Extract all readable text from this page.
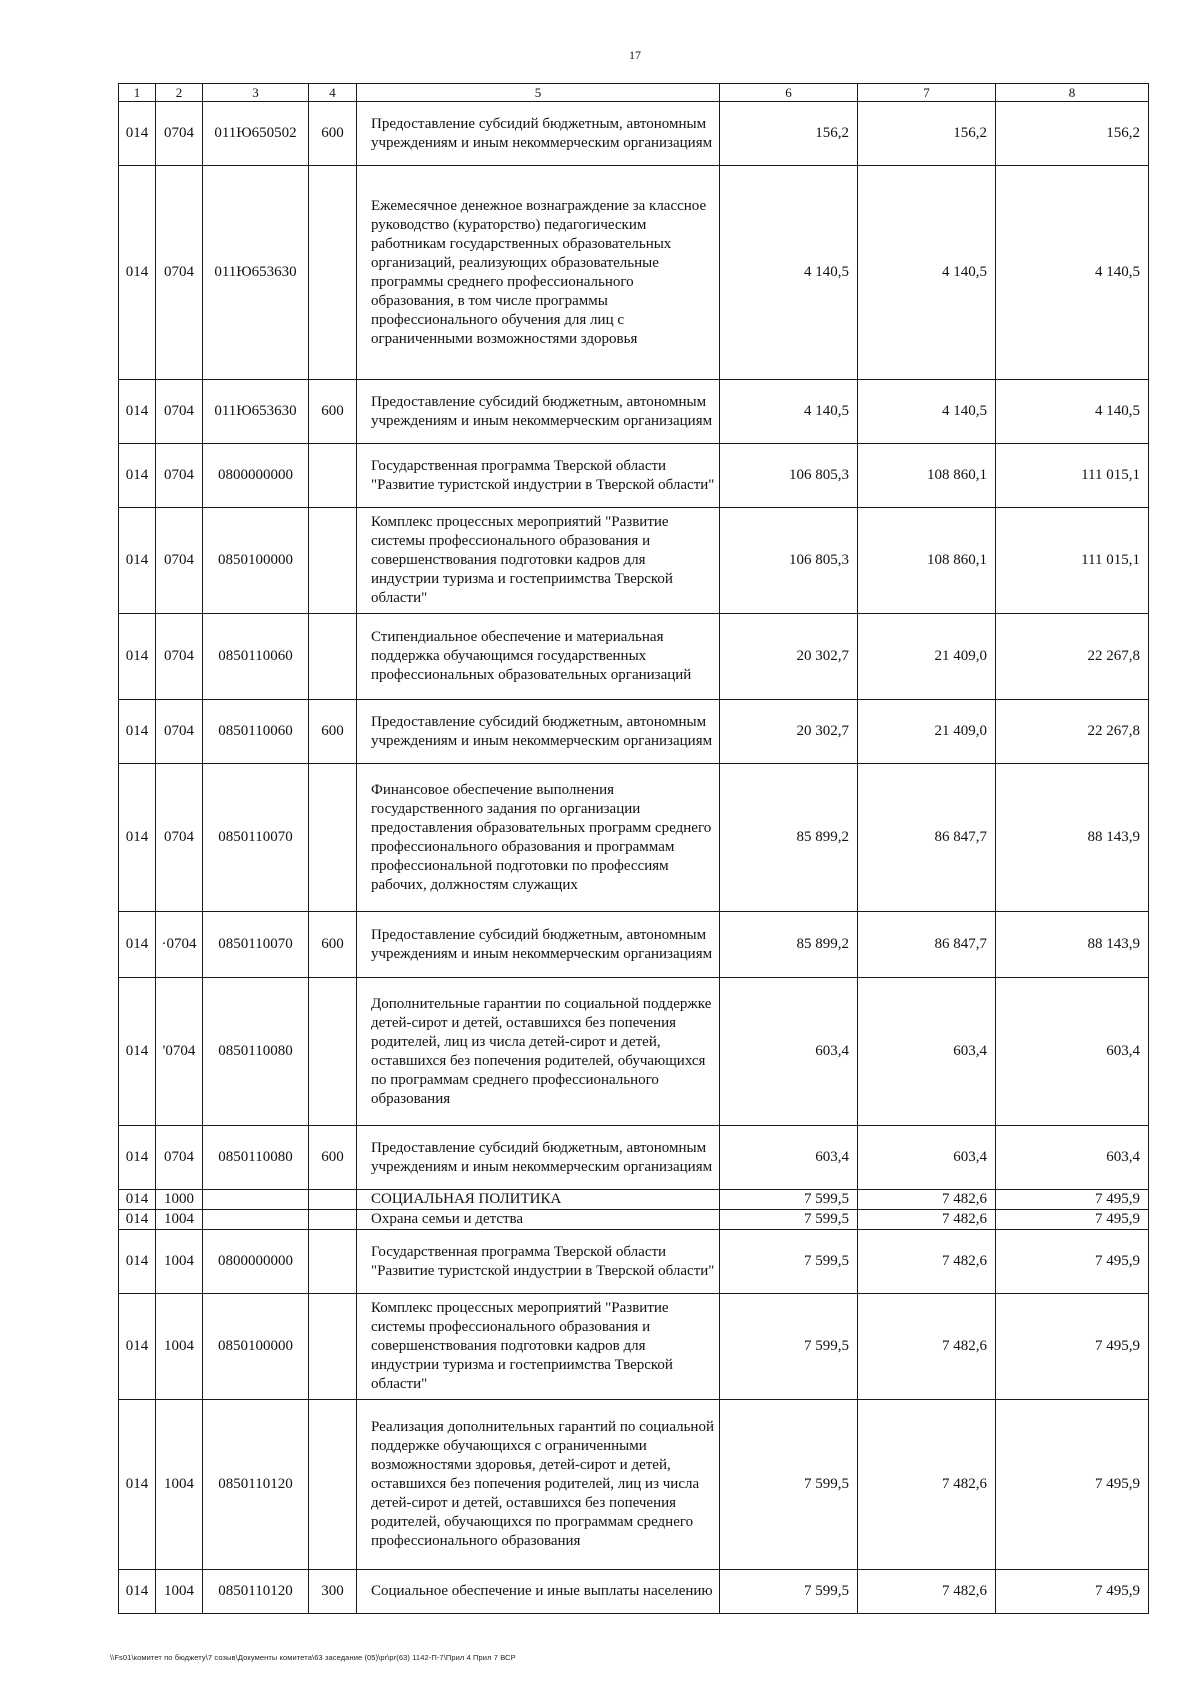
17
1	2	3	4	5	6	7	8
014	0704	011Ю650502	600	Предоставление субсидий бюджетным, автономным учреждениям и иным некоммерческим организациям	156,2	156,2	156,2
014	0704	011Ю653630		Ежемесячное денежное вознаграждение за классное руководство (кураторство) педагогическим работникам государственных образовательных организаций, реализующих образовательные программы среднего профессионального образования, в том числе программы профессионального обучения для лиц с ограниченными возможностями здоровья	4 140,5	4 140,5	4 140,5
014	0704	011Ю653630	600	Предоставление субсидий бюджетным, автономным учреждениям и иным некоммерческим организациям	4 140,5	4 140,5	4 140,5
014	0704	0800000000		Государственная программа Тверской области "Развитие туристской индустрии в Тверской области"	106 805,3	108 860,1	111 015,1
014	0704	0850100000		Комплекс процессных мероприятий "Развитие системы профессионального образования и совершенствования подготовки кадров для индустрии туризма и гостеприимства Тверской области"	106 805,3	108 860,1	111 015,1
014	0704	0850110060		Стипендиальное обеспечение и материальная поддержка обучающимся государственных профессиональных образовательных организаций	20 302,7	21 409,0	22 267,8
014	0704	0850110060	600	Предоставление субсидий бюджетным, автономным учреждениям и иным некоммерческим организациям	20 302,7	21 409,0	22 267,8
014	0704	0850110070		Финансовое обеспечение выполнения государственного задания по организации предоставления образовательных программ среднего профессионального образования и программам профессиональной подготовки по профессиям рабочих, должностям служащих	85 899,2	86 847,7	88 143,9
014	·0704	0850110070	600	Предоставление субсидий бюджетным, автономным учреждениям и иным некоммерческим организациям	85 899,2	86 847,7	88 143,9
014	'0704	0850110080		Дополнительные гарантии по социальной поддержке детей-сирот и детей, оставшихся без попечения родителей, лиц из числа детей-сирот и детей, оставшихся без попечения родителей, обучающихся по программам среднего профессионального образования	603,4	603,4	603,4
014	0704	0850110080	600	Предоставление субсидий бюджетным, автономным учреждениям и иным некоммерческим организациям	603,4	603,4	603,4
014	1000			СОЦИАЛЬНАЯ ПОЛИТИКА	7 599,5	7 482,6	7 495,9
014	1004			Охрана семьи и детства	7 599,5	7 482,6	7 495,9
014	1004	0800000000		Государственная программа Тверской области "Развитие туристской индустрии в Тверской области"	7 599,5	7 482,6	7 495,9
014	1004	0850100000		Комплекс процессных мероприятий "Развитие системы профессионального образования и совершенствования подготовки кадров для индустрии туризма и гостеприимства Тверской области"	7 599,5	7 482,6	7 495,9
014	1004	0850110120		Реализация дополнительных гарантий по социальной поддержке обучающихся с ограниченными возможностями здоровья, детей-сирот и детей, оставшихся без попечения родителей, лиц из числа детей-сирот и детей, оставшихся без попечения родителей, обучающихся по программам среднего профессионального образования	7 599,5	7 482,6	7 495,9
014	1004	0850110120	300	Социальное обеспечение и иные выплаты населению	7 599,5	7 482,6	7 495,9
\\Fs01\комитет по бюджету\7 созыв\Документы комитета\63 заседание (05)\pr\pr(63) 1142-П-7\Прил 4 Прил 7 ВСР
